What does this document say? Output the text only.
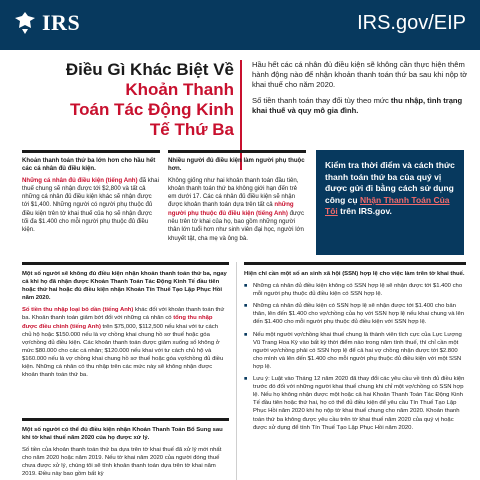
IRS	IRS.gov/EIP
Điều Gì Khác Biệt Về
Khoản Thanh
Toán Tác Động Kinh
Tế Thứ Ba

Hầu hết các cá nhân đủ điều kiện sẽ không cần thực hiện thêm hành động nào để nhận khoản thanh toán thứ ba sau khi nộp tờ khai thuế cho năm 2020.

Số tiền thanh toán thay đổi tùy theo mức thu nhập, tình trạng khai thuế và quy mô gia đình.

Khoản thanh toán thứ ba lớn hơn cho hầu hết các cá nhân đủ điều kiện.
Những cá nhân đủ điều kiện (tiếng Anh) đã khai thuế chung sẽ nhận được tới $2,800 và tất cả những cá nhân đủ điều kiện khác sẽ nhận được tới $1,400. Những người có người phụ thuộc đủ điều kiện trên tờ khai thuế của họ sẽ nhận được tối đa $1.400 cho mỗi người phụ thuộc đủ điều kiện.
Nhiều người đủ điều kiện làm người phụ thuộc hơn.
Không giống như hai khoản thanh toán đầu tiên, khoản thanh toán thứ ba không giới hạn đến trẻ em dưới 17. Các cá nhân đủ điều kiện sẽ nhận được khoản thanh toán dựa trên tất cả những người phụ thuộc đủ điều kiện (tiếng Anh) được nêu trên tờ khai của họ, bao gồm những người thân lớn tuổi hơn như sinh viên đại học, người lớn khuyết tật, cha mẹ và ông bà.
Kiểm tra thời điểm và cách thức thanh toán thứ ba của quý vị được gửi đi bằng cách sử dụng công cụ Nhận Thanh Toán Của Tôi trên IRS.gov.
Một số người sẽ không đủ điều kiện nhận khoản thanh toán thứ ba, ngay cả khi họ đã nhận được Khoản Thanh Toán Tác Động Kinh Tế đầu tiên hoặc thứ hai hoặc đủ điều kiện nhận Khoản Tín Thuế Tạo Lập Phục Hồi năm 2020.

Số tiền thu nhập loại bỏ dần (tiếng Anh) khác đối với khoản thanh toán thứ ba. Khoản thanh toán giảm bớt đối với những cá nhân có tổng thu nhập được điều chỉnh (tiếng Anh) trên $75,000, $112,500 nếu khai với tư cách chủ hộ hoặc $150.000 nếu là vợ chồng khai chung hồ sơ thuế hoặc góa vợ/chồng đủ điều kiện. Các khoản thanh toán được giảm xuống số không ở mức $80.000 cho các cá nhân; $120.000 nếu khai với tư cách chủ hộ và $160.000 nếu là vợ chồng khai chung hồ sơ thuế hoặc góa vợ/chồng đủ điều kiện. Những cá nhân có thu nhập trên các mức này sẽ không nhận được khoản thanh toán thứ ba.

Một số người có thể đủ điều kiện nhận Khoản Thanh Toán Bổ Sung sau khi tờ khai thuế năm 2020 của họ được xử lý.

Số tiền của khoản thanh toán thứ ba dựa trên tờ khai thuế đã xử lý mới nhất cho năm 2020 hoặc năm 2019. Nếu tờ khai năm 2020 của người đóng thuế chưa được xử lý, chúng tôi sẽ tính khoản thanh toán dựa trên tờ khai năm 2019. Điều này bao gồm bất kỳ

Hiện chỉ cần một số an sinh xã hội (SSN) hợp lệ cho việc làm trên tờ khai thuế.
■ Những cá nhân đủ điều kiện không có SSN hợp lệ sẽ nhận được tới $1.400 cho mỗi người phụ thuộc đủ điều kiện có SSN hợp lệ.
■ Những cá nhân đủ điều kiện có SSN hợp lệ sẽ nhận được tới $1.400 cho bản thân, lên đến $1.400 cho vợ/chồng của họ với SSN hợp lệ nếu khai chung và lên đến $1.400 cho mỗi người phụ thuộc đủ điều kiện với SSN hợp lệ.
■ Nếu một người vợ/chồng khai thuế chung là thành viên tích cực của Lực Lượng Vũ Trang Hoa Kỳ vào bất kỳ thời điểm nào trong năm tính thuế, thì chỉ cần một người vợ/chồng phải có SSN hợp lệ để cả hai vợ chồng nhận được tới $2.800 cho mình và lên đến $1.400 cho mỗi người phụ thuộc đủ điều kiện với một SSN hợp lệ.
■ Lưu ý: Luật vào Tháng 12 năm 2020 đã thay đổi các yêu cầu về tình đủ điều kiện trước đó đối với những người khai thuế chung khi chỉ một vợ/chồng có SSN hợp lệ. Nếu họ không nhận được một hoặc cả hai Khoản Thanh Toán Tác Động Kinh Tế đầu tiên hoặc thứ hai, họ có thể đủ điều kiện để yêu cầu Tín Thuế Tạo Lập Phục Hồi năm 2020 khi họ nộp tờ khai thuế chung cho năm 2020. Khoản thanh toán thứ ba không được yêu cầu trên tờ khai thuế năm 2020 của quý vị hoặc được sử dụng để tính Tín Thuế Tạo Lập Phục Hồi năm 2020.
